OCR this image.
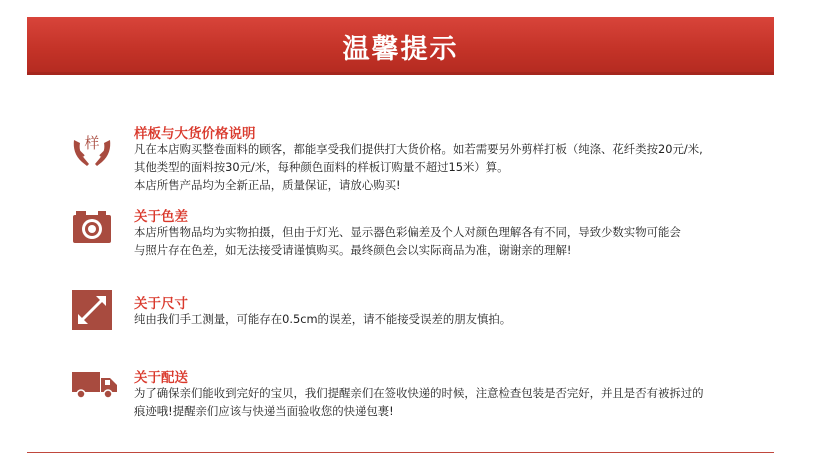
温馨提示
样	样板与大货价格说明
凡在本店购买整卷面料的顾客，都能享受我们提供打大货价格。如若需要另外剪样打板（纯涤、花纤类按20元/米,
其他类型的面料按30元/米，每种颜色面料的样板订购量不超过15米）算。
本店所售产品均为全新正品，质量保证，请放心购买!
关于色差
本店所售物品均为实物拍摄，但由于灯光、显示器色彩偏差及个人对颜色理解各有不同，导致少数实物可能会
与照片存在色差，如无法接受请谨慎购买。最终颜色会以实际商品为准，谢谢亲的理解!
关于尺寸
纯由我们手工测量，可能存在0.5cm的误差，请不能接受误差的朋友慎拍。
关于配送
为了确保亲们能收到完好的宝贝，我们提醒亲们在签收快递的时候，注意检查包装是否完好，并且是否有被拆过的
痕迹哦!提醒亲们应该与快递当面验收您的快递包裹!
